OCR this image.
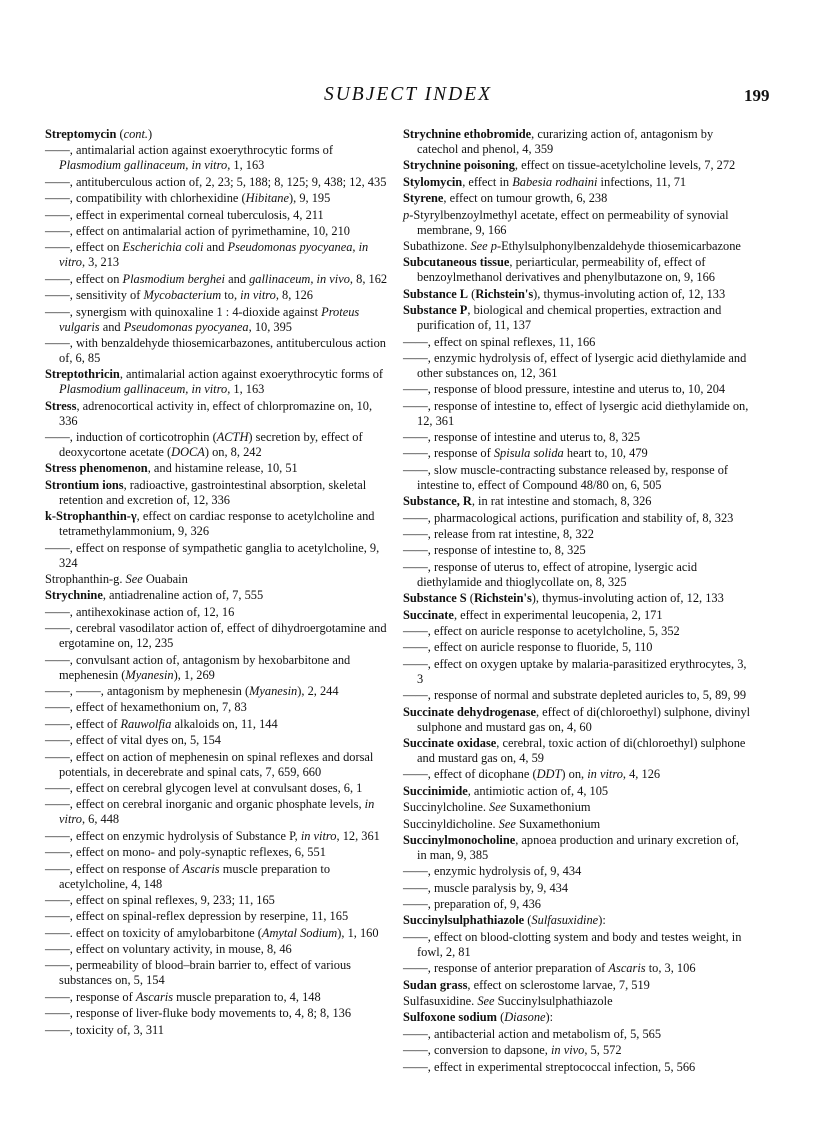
SUBJECT INDEX	199
Streptomycin (cont.)
——, antimalarial action against exoerythrocytic forms of Plasmodium gallinaceum, in vitro, 1, 163
——, antituberculous action of, 2, 23; 5, 188; 8, 125; 9, 438; 12, 435
——, compatibility with chlorhexidine (Hibitane), 9, 195
——, effect in experimental corneal tuberculosis, 4, 211
——, effect on antimalarial action of pyrimethamine, 10, 210
——, effect on Escherichia coli and Pseudomonas pyocyanea, in vitro, 3, 213
——, effect on Plasmodium berghei and gallinaceum, in vivo, 8, 162
——, sensitivity of Mycobacterium to, in vitro, 8, 126
——, synergism with quinoxaline 1 : 4-dioxide against Proteus vulgaris and Pseudomonas pyocyanea, 10, 395
——, with benzaldehyde thiosemicarbazones, antituberculous action of, 6, 85
Streptothricin, antimalarial action against exoerythrocytic forms of Plasmodium gallinaceum, in vitro, 1, 163
Stress, adrenocortical activity in, effect of chlorpromazine on, 10, 336
——, induction of corticotrophin (ACTH) secretion by, effect of deoxycortone acetate (DOCA) on, 8, 242
Stress phenomenon, and histamine release, 10, 51
Strontium ions, radioactive, gastrointestinal absorption, skeletal retention and excretion of, 12, 336
k-Strophanthin-γ, effect on cardiac response to acetylcholine and tetramethylammonium, 9, 326
——, effect on response of sympathetic ganglia to acetylcholine, 9, 324
Strophanthin-g. See Ouabain
Strychnine, antiadrenaline action of, 7, 555
——, antihexokinase action of, 12, 16
——, cerebral vasodilator action of, effect of dihydroergotamine and ergotamine on, 12, 235
——, convulsant action of, antagonism by hexobarbitone and mephenesin (Myanesin), 1, 269
——, ——, antagonism by mephenesin (Myanesin), 2, 244
——, effect of hexamethonium on, 7, 83
——, effect of Rauwolfia alkaloids on, 11, 144
——, effect of vital dyes on, 5, 154
——, effect on action of mephenesin on spinal reflexes and dorsal potentials, in decerebrate and spinal cats, 7, 659, 660
——, effect on cerebral glycogen level at convulsant doses, 6, 1
——, effect on cerebral inorganic and organic phosphate levels, in vitro, 6, 448
——, effect on enzymic hydrolysis of Substance P, in vitro, 12, 361
——, effect on mono- and poly-synaptic reflexes, 6, 551
——, effect on response of Ascaris muscle preparation to acetylcholine, 4, 148
——, effect on spinal reflexes, 9, 233; 11, 165
——, effect on spinal-reflex depression by reserpine, 11, 165
——. effect on toxicity of amylobarbitone (Amytal Sodium), 1, 160
——, effect on voluntary activity, in mouse, 8, 46
——, permeability of blood–brain barrier to, effect of various substances on, 5, 154
——, response of Ascaris muscle preparation to, 4, 148
——, response of liver-fluke body movements to, 4, 8; 8, 136
——, toxicity of, 3, 311
Strychnine ethobromide, curarizing action of, antagonism by catechol and phenol, 4, 359
Strychnine poisoning, effect on tissue-acetylcholine levels, 7, 272
Stylomycin, effect in Babesia rodhaini infections, 11, 71
Styrene, effect on tumour growth, 6, 238
p-Styrylbenzoylmethyl acetate, effect on permeability of synovial membrane, 9, 166
Subathizone. See p-Ethylsulphonylbenzaldehyde thiosemicarbazone
Subcutaneous tissue, periarticular, permeability of, effect of benzoylmethanol derivatives and phenylbutazone on, 9, 166
Substance L (Richstein's), thymus-involuting action of, 12, 133
Substance P, biological and chemical properties, extraction and purification of, 11, 137
——, effect on spinal reflexes, 11, 166
——, enzymic hydrolysis of, effect of lysergic acid diethylamide and other substances on, 12, 361
——, response of blood pressure, intestine and uterus to, 10, 204
——, response of intestine to, effect of lysergic acid diethylamide on, 12, 361
——, response of intestine and uterus to, 8, 325
——, response of Spisula solida heart to, 10, 479
——, slow muscle-contracting substance released by, response of intestine to, effect of Compound 48/80 on, 6, 505
Substance, R, in rat intestine and stomach, 8, 326
——, pharmacological actions, purification and stability of, 8, 323
——, release from rat intestine, 8, 322
——, response of intestine to, 8, 325
——, response of uterus to, effect of atropine, lysergic acid diethylamide and thioglycollate on, 8, 325
Substance S (Richstein's), thymus-involuting action of, 12, 133
Succinate, effect in experimental leucopenia, 2, 171
——, effect on auricle response to acetylcholine, 5, 352
——, effect on auricle response to fluoride, 5, 110
——, effect on oxygen uptake by malaria-parasitized erythrocytes, 3, 3
——, response of normal and substrate depleted auricles to, 5, 89, 99
Succinate dehydrogenase, effect of di(chloroethyl) sulphone, divinyl sulphone and mustard gas on, 4, 60
Succinate oxidase, cerebral, toxic action of di(chloroethyl) sulphone and mustard gas on, 4, 59
——, effect of dicophane (DDT) on, in vitro, 4, 126
Succinimide, antimiotic action of, 4, 105
Succinylcholine. See Suxamethonium
Succinyldicholine. See Suxamethonium
Succinylmonocholine, apnoea production and urinary excretion of, in man, 9, 385
——, enzymic hydrolysis of, 9, 434
——, muscle paralysis by, 9, 434
——, preparation of, 9, 436
Succinylsulphathiazole (Sulfasuxidine):
——, effect on blood-clotting system and body and testes weight, in fowl, 2, 81
——, response of anterior preparation of Ascaris to, 3, 106
Sudan grass, effect on sclerostome larvae, 7, 519
Sulfasuxidine. See Succinylsulphathiazole
Sulfoxone sodium (Diasone):
——, antibacterial action and metabolism of, 5, 565
——, conversion to dapsone, in vivo, 5, 572
——, effect in experimental streptococcal infection, 5, 566
